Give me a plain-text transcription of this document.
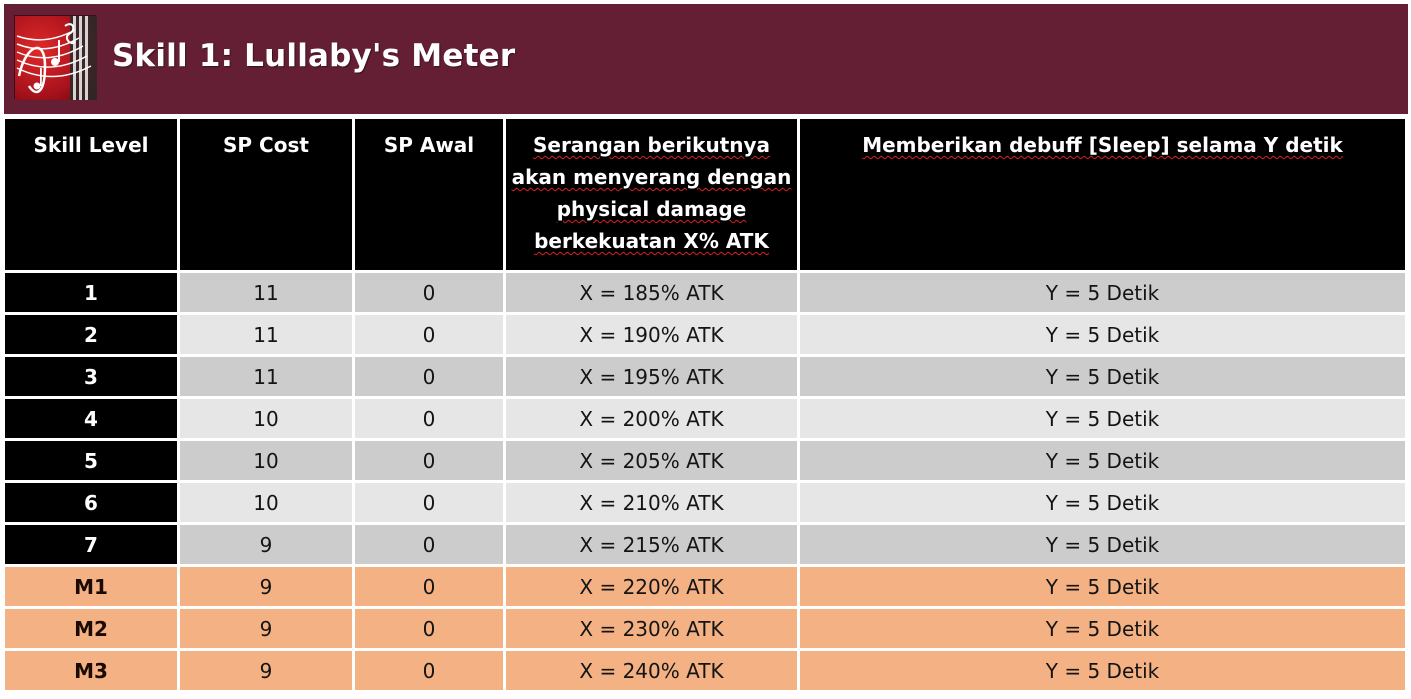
Skill 1: Lullaby's Meter
Skill Level	SP Cost	SP Awal	Serangan berikutnya akan menyerang dengan physical damage berkekuatan X% ATK	Memberikan debuff [Sleep] selama Y detik
1	11	0	X = 185% ATK	Y = 5 Detik
2	11	0	X = 190% ATK	Y = 5 Detik
3	11	0	X = 195% ATK	Y = 5 Detik
4	10	0	X = 200% ATK	Y = 5 Detik
5	10	0	X = 205% ATK	Y = 5 Detik
6	10	0	X = 210% ATK	Y = 5 Detik
7	9	0	X = 215% ATK	Y = 5 Detik
M1	9	0	X = 220% ATK	Y = 5 Detik
M2	9	0	X = 230% ATK	Y = 5 Detik
M3	9	0	X = 240% ATK	Y = 5 Detik
